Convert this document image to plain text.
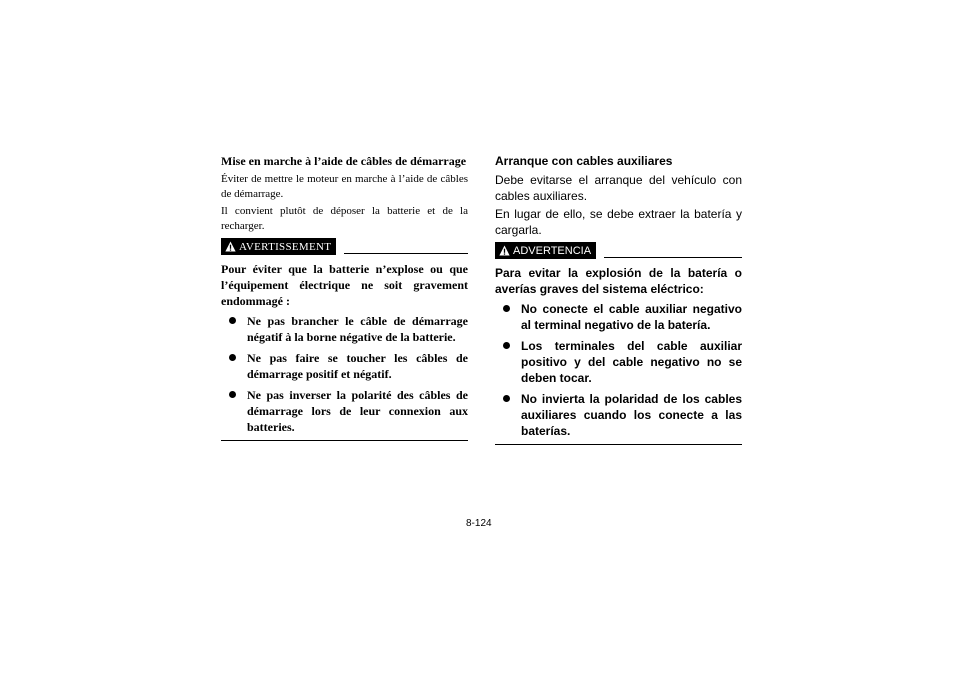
Mise en marche à l’aide de câbles de démarrage
Éviter de mettre le moteur en marche à l’aide de câbles de démarrage.
Il convient plutôt de déposer la batterie et de la recharger.
AVERTISSEMENT
Pour éviter que la batterie n’explose ou que l’équipement électrique ne soit gravement endommagé :
Ne pas brancher le câble de démarrage négatif à la borne négative de la batterie.
Ne pas faire se toucher les câbles de démarrage positif et négatif.
Ne pas inverser la polarité des câbles de démarrage lors de leur connexion aux batteries.
Arranque con cables auxiliares
Debe evitarse el arranque del vehículo con cables auxiliares.
En lugar de ello, se debe extraer la batería y cargarla.
ADVERTENCIA
Para evitar la explosión de la batería o averías graves del sistema eléctrico:
No conecte el cable auxiliar negativo al terminal negativo de la batería.
Los terminales del cable auxiliar positivo y del cable negativo no se deben tocar.
No invierta la polaridad de los cables auxiliares cuando los conecte a las baterías.
8-124
